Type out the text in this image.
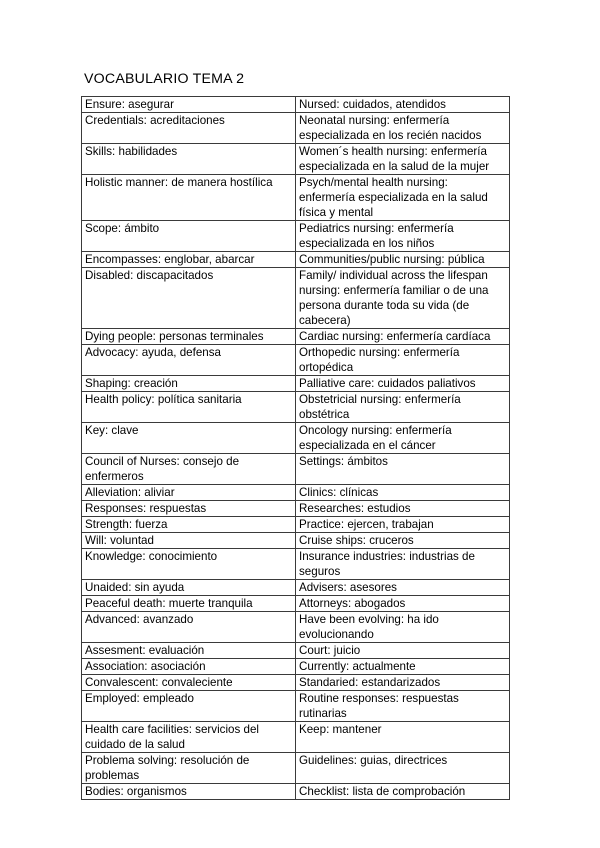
VOCABULARIO TEMA 2
Ensure: asegurar	Nursed: cuidados, atendidos
Credentials: acreditaciones	Neonatal nursing: enfermería especializada en los recién nacidos
Skills: habilidades	Women´s health nursing: enfermería especializada en la salud de la mujer
Holistic manner: de manera hostílica	Psych/mental health nursing: enfermería especializada en la salud física y mental
Scope: ámbito	Pediatrics nursing: enfermería especializada en los niños
Encompasses: englobar, abarcar	Communities/public nursing: pública
Disabled: discapacitados	Family/ individual across the lifespan nursing: enfermería familiar o de una persona durante toda su vida (de cabecera)
Dying people: personas terminales	Cardiac nursing: enfermería cardíaca
Advocacy: ayuda, defensa	Orthopedic nursing: enfermería ortopédica
Shaping: creación	Palliative care: cuidados paliativos
Health policy: política sanitaria	Obstetricial nursing: enfermería obstétrica
Key: clave	Oncology nursing: enfermería especializada en el cáncer
Council of Nurses: consejo de enfermeros	Settings: ámbitos
Alleviation: aliviar	Clinics: clínicas
Responses: respuestas	Researches: estudios
Strength: fuerza	Practice: ejercen, trabajan
Will: voluntad	Cruise ships: cruceros
Knowledge: conocimiento	Insurance industries: industrias de seguros
Unaided: sin ayuda	Advisers: asesores
Peaceful death: muerte tranquila	Attorneys: abogados
Advanced: avanzado	Have been evolving: ha ido evolucionando
Assesment: evaluación	Court: juicio
Association: asociación	Currently: actualmente
Convalescent: convaleciente	Standaried: estandarizados
Employed: empleado	Routine responses: respuestas rutinarias
Health care facilities: servicios del cuidado de la salud	Keep: mantener
Problema solving: resolución de problemas	Guidelines: guias, directrices
Bodies: organismos	Checklist: lista de comprobación
